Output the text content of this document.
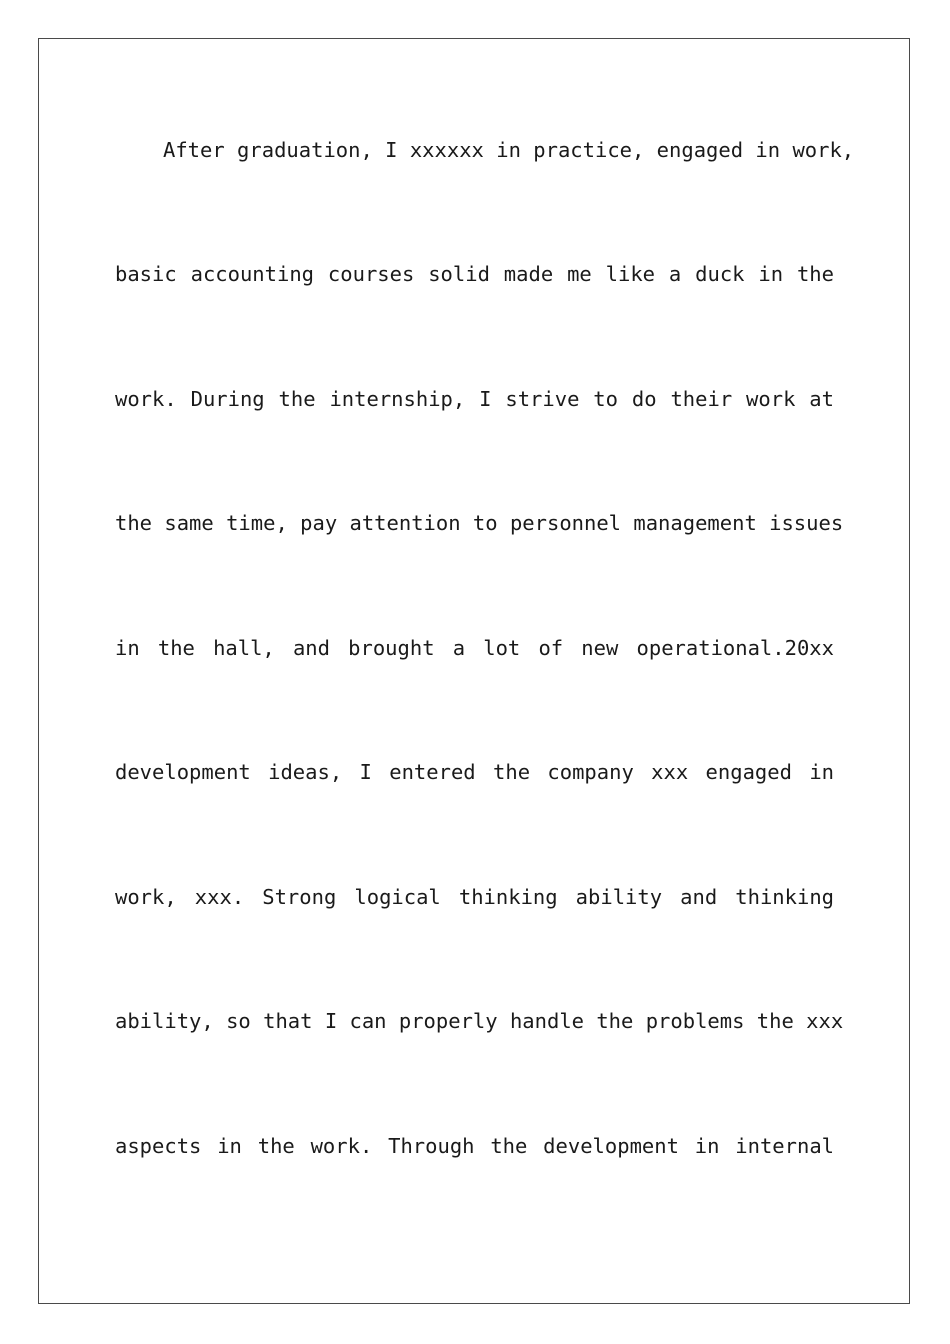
After graduation, I xxxxxx in practice, engaged in work,
basic accounting courses solid made me like a duck in the
work. During the internship, I strive to do their work at
the same time, pay attention to personnel management issues
in the hall, and brought a lot of new operational.20xx
development ideas, I entered the company xxx engaged in
work, xxx. Strong logical thinking ability and thinking
ability, so that I can properly handle the problems the xxx
aspects in the work. Through the development in internal
